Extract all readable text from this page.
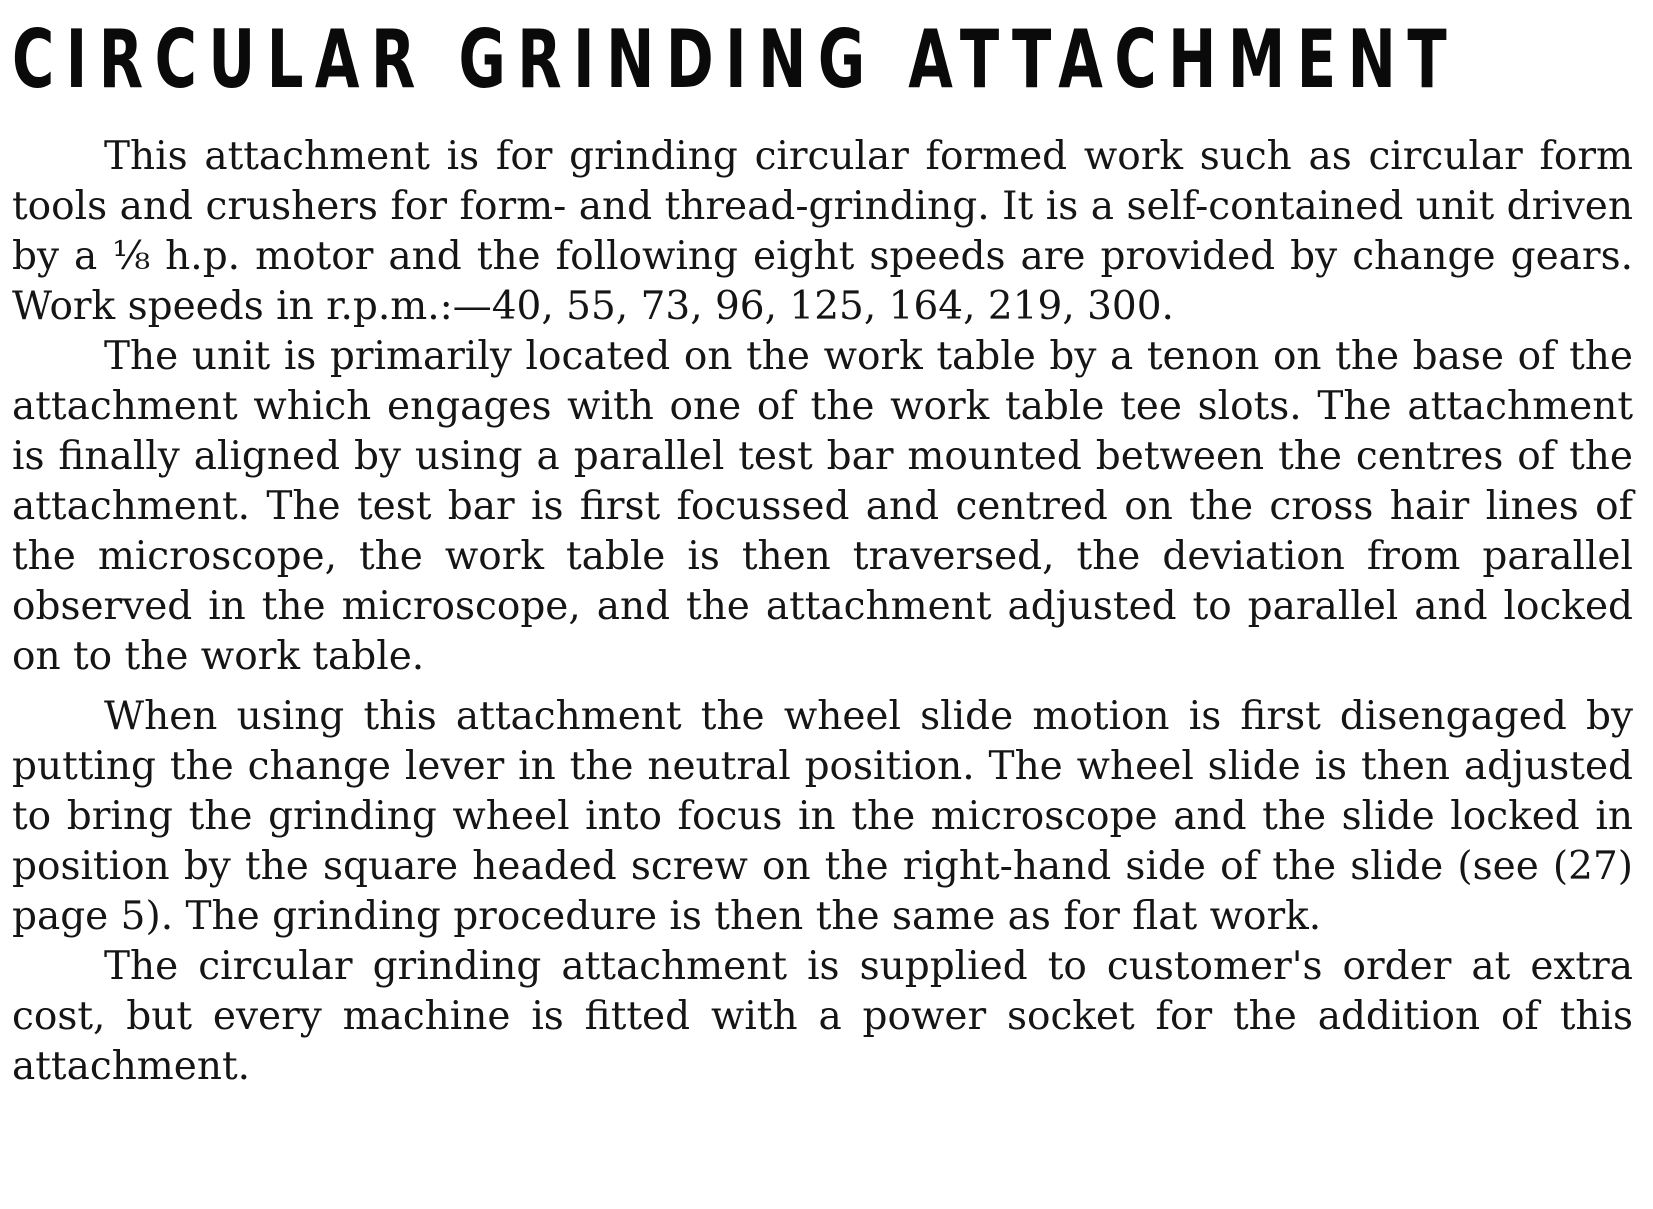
CIRCULAR GRINDING ATTACHMENT

This attachment is for grinding circular formed work such as circular form tools and crushers for form- and thread-grinding. It is a self-contained unit driven by a ⅛ h.p. motor and the following eight speeds are provided by change gears. Work speeds in r.p.m.:—40, 55, 73, 96, 125, 164, 219, 300.

The unit is primarily located on the work table by a tenon on the base of the attachment which engages with one of the work table tee slots. The attachment is finally aligned by using a parallel test bar mounted between the centres of the attachment. The test bar is first focussed and centred on the cross hair lines of the microscope, the work table is then traversed, the deviation from parallel observed in the microscope, and the attachment adjusted to parallel and locked on to the work table.

When using this attachment the wheel slide motion is first disengaged by putting the change lever in the neutral position. The wheel slide is then adjusted to bring the grinding wheel into focus in the microscope and the slide locked in position by the square headed screw on the right-hand side of the slide (see (27) page 5). The grinding procedure is then the same as for flat work.

The circular grinding attachment is supplied to customer's order at extra cost, but every machine is fitted with a power socket for the addition of this attachment.
